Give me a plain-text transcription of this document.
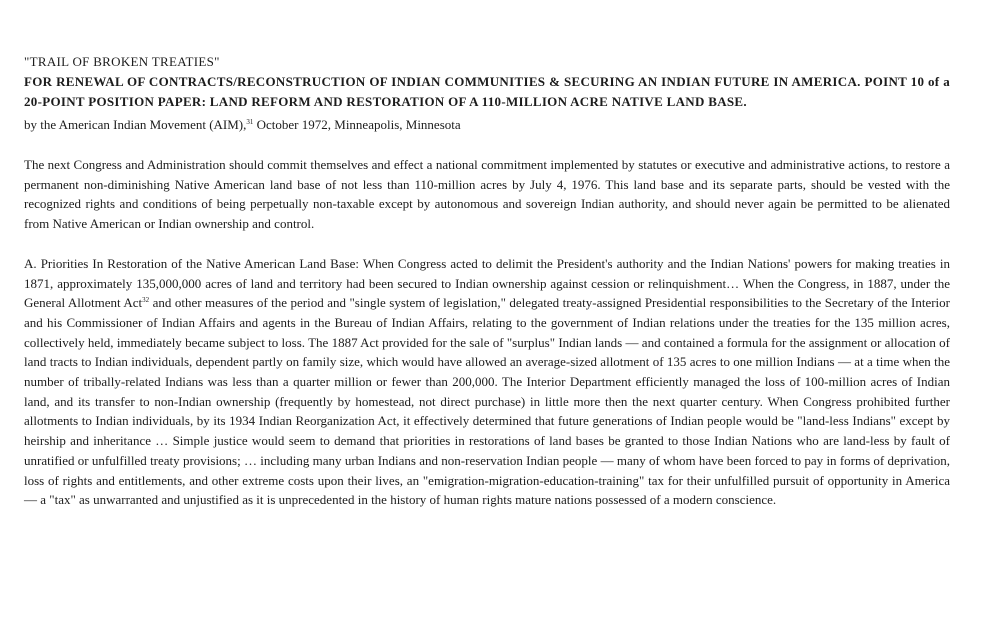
"TRAIL OF BROKEN TREATIES"
FOR RENEWAL OF CONTRACTS/RECONSTRUCTION OF INDIAN COMMUNITIES & SECURING AN INDIAN FUTURE IN AMERICA. POINT 10 of a 20-POINT POSITION PAPER: LAND REFORM AND RESTORATION OF A 110-MILLION ACRE NATIVE LAND BASE.
by the American Indian Movement (AIM),$^{31}$ October 1972, Minneapolis, Minnesota

The next Congress and Administration should commit themselves and effect a national commitment implemented by statutes or executive and administrative actions, to restore a permanent non-diminishing Native American land base of not less than 110-million acres by July 4, 1976. This land base and its separate parts, should be vested with the recognized rights and conditions of being perpetually non-taxable except by autonomous and sovereign Indian authority, and should never again be permitted to be alienated from Native American or Indian ownership and control.

A. Priorities In Restoration of the Native American Land Base: When Congress acted to delimit the President's authority and the Indian Nations' powers for making treaties in 1871, approximately 135,000,000 acres of land and territory had been secured to Indian ownership against cession or relinquishment… When the Congress, in 1887, under the General Allotment Act$^{32}$ and other measures of the period and "single system of legislation," delegated treaty-assigned Presidential responsibilities to the Secretary of the Interior and his Commissioner of Indian Affairs and agents in the Bureau of Indian Affairs, relating to the government of Indian relations under the treaties for the 135 million acres, collectively held, immediately became subject to loss. The 1887 Act provided for the sale of "surplus" Indian lands — and contained a formula for the assignment or allocation of land tracts to Indian individuals, dependent partly on family size, which would have allowed an average-sized allotment of 135 acres to one million Indians — at a time when the number of tribally-related Indians was less than a quarter million or fewer than 200,000. The Interior Department efficiently managed the loss of 100-million acres of Indian land, and its transfer to non-Indian ownership (frequently by homestead, not direct purchase) in little more then the next quarter century. When Congress prohibited further allotments to Indian individuals, by its 1934 Indian Reorganization Act, it effectively determined that future generations of Indian people would be "land-less Indians" except by heirship and inheritance … Simple justice would seem to demand that priorities in restorations of land bases be granted to those Indian Nations who are land-less by fault of unratified or unfulfilled treaty provisions; … including many urban Indians and non-reservation Indian people — many of whom have been forced to pay in forms of deprivation, loss of rights and entitlements, and other extreme costs upon their lives, an "emigration-migration-education-training" tax for their unfulfilled pursuit of opportunity in America — a "tax" as unwarranted and unjustified as it is unprecedented in the history of human rights mature nations possessed of a modern conscience.
